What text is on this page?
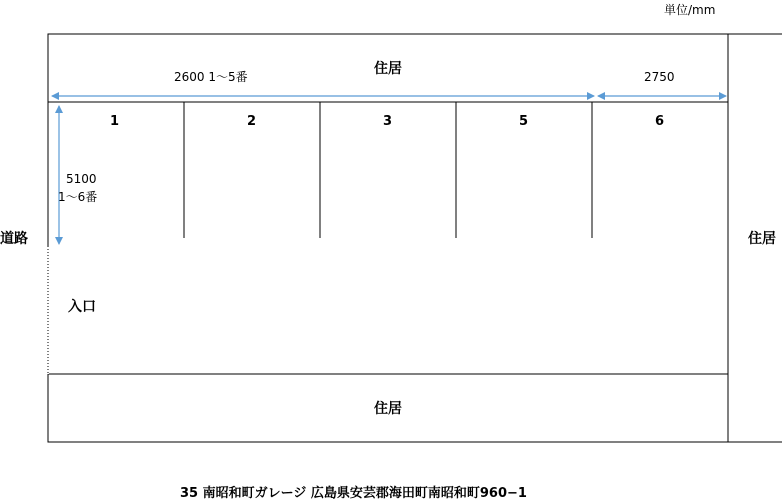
単位/mm
住居
住居
住居
道路
2600 1〜5番	2750
5100
1〜6番
1	2	3	5	6
入口
35 南昭和町ガレージ 広島県安芸郡海田町南昭和町960−1
